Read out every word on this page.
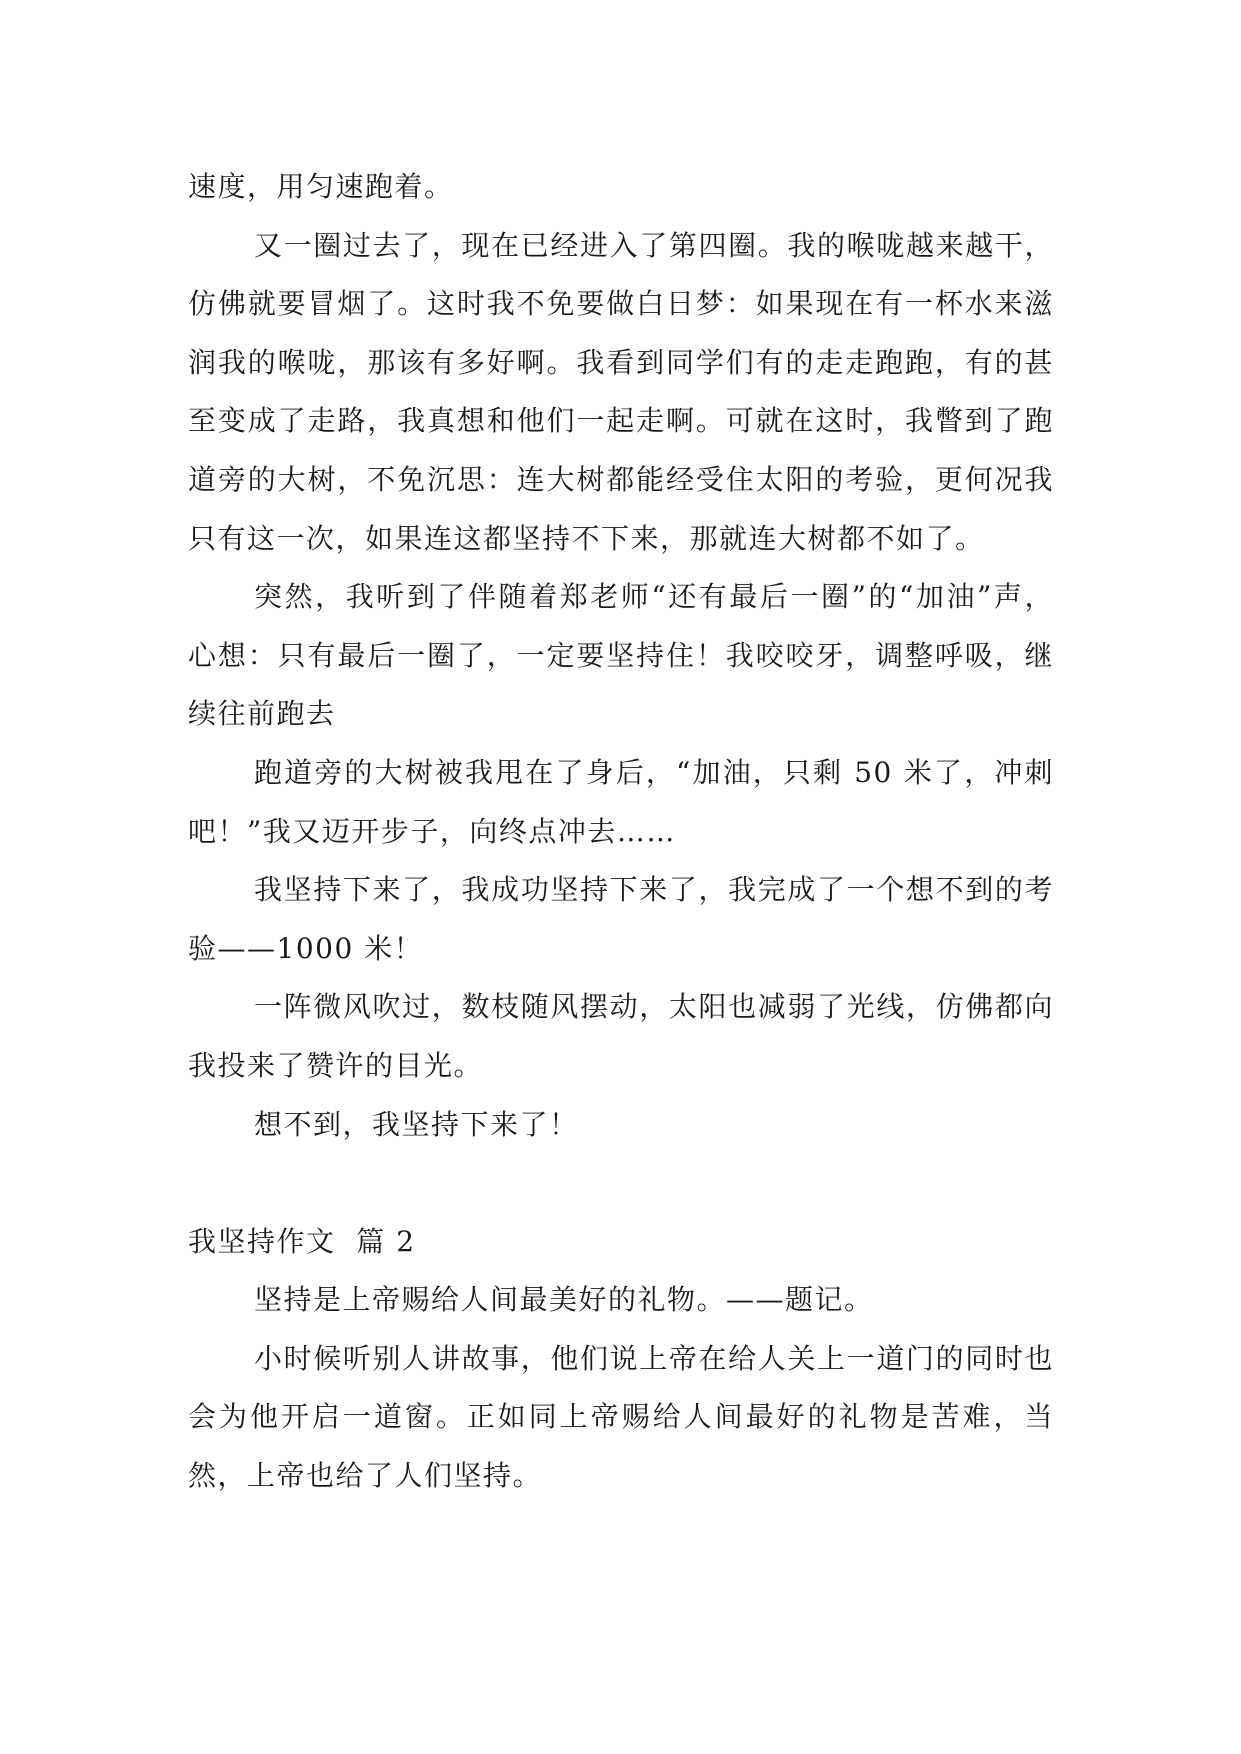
速度，用匀速跑着。

又一圈过去了，现在已经进入了第四圈。我的喉咙越来越干，仿佛就要冒烟了。这时我不免要做白日梦：如果现在有一杯水来滋润我的喉咙，那该有多好啊。我看到同学们有的走走跑跑，有的甚至变成了走路，我真想和他们一起走啊。可就在这时，我瞥到了跑道旁的大树，不免沉思：连大树都能经受住太阳的考验，更何况我只有这一次，如果连这都坚持不下来，那就连大树都不如了。

突然，我听到了伴随着郑老师“还有最后一圈”的“加油”声，心想：只有最后一圈了，一定要坚持住！我咬咬牙，调整呼吸，继续往前跑去

跑道旁的大树被我甩在了身后，“加油，只剩 50 米了，冲刺吧！”我又迈开步子，向终点冲去……

我坚持下来了，我成功坚持下来了，我完成了一个想不到的考验——1000 米！

一阵微风吹过，数枝随风摆动，太阳也减弱了光线，仿佛都向我投来了赞许的目光。

想不到，我坚持下来了！

我坚持作文  篇 2

坚持是上帝赐给人间最美好的礼物。——题记。

小时候听别人讲故事，他们说上帝在给人关上一道门的同时也会为他开启一道窗。正如同上帝赐给人间最好的礼物是苦难，当然，上帝也给了人们坚持。
